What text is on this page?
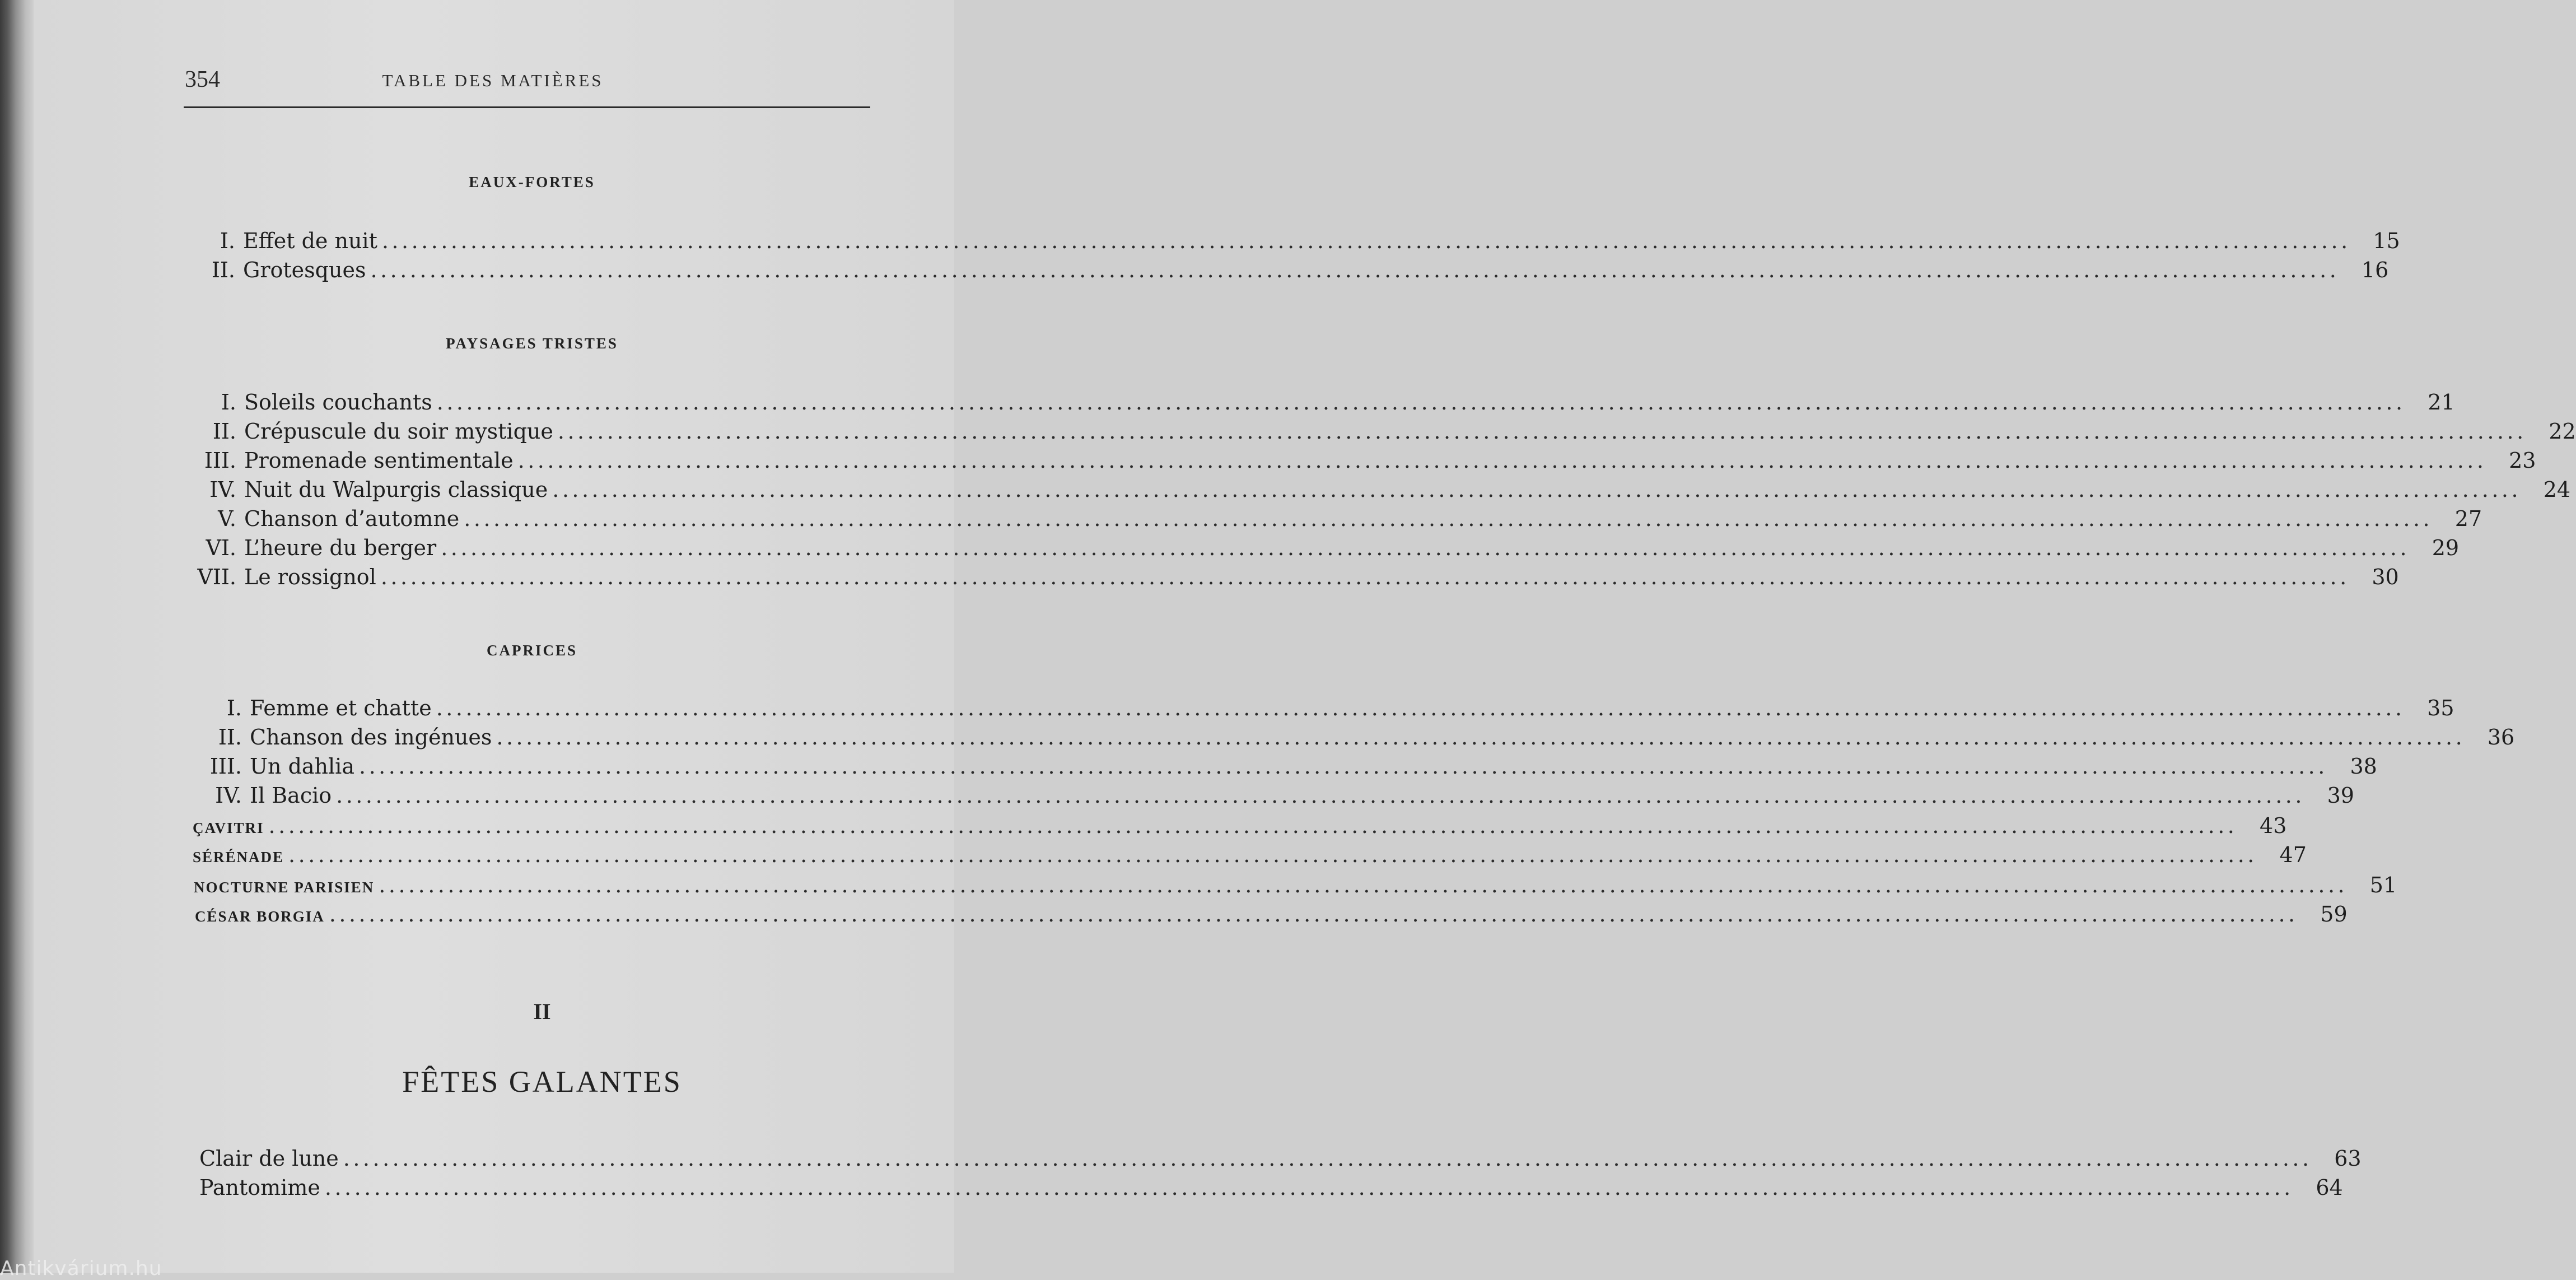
354	TABLE DES MATIÈRES
EAUX-FORTES
I. Effet de nuit ........................................................................................................................................................................................................	15
II. Grotesques ........................................................................................................................................................................................................	16
PAYSAGES TRISTES
I. Soleils couchants ........................................................................................................................................................................................................	21
II. Crépuscule du soir mystique ........................................................................................................................................................................................................	22
III. Promenade sentimentale ........................................................................................................................................................................................................	23
IV. Nuit du Walpurgis classique ........................................................................................................................................................................................................	24
V. Chanson d’automne ........................................................................................................................................................................................................	27
VI. L’heure du berger ........................................................................................................................................................................................................	29
VII. Le rossignol ........................................................................................................................................................................................................	30
CAPRICES
I. Femme et chatte ........................................................................................................................................................................................................	35
II. Chanson des ingénues ........................................................................................................................................................................................................	36
III. Un dahlia ........................................................................................................................................................................................................	38
IV. Il Bacio ........................................................................................................................................................................................................	39
ÇAVITRI ........................................................................................................................................................................................................	43
SÉRÉNADE ........................................................................................................................................................................................................	47
NOCTURNE PARISIEN ........................................................................................................................................................................................................	51
CÉSAR BORGIA ........................................................................................................................................................................................................	59
II
FÊTES GALANTES
Clair de lune ........................................................................................................................................................................................................	63
Pantomime ........................................................................................................................................................................................................	64
Antikvárium.hu
